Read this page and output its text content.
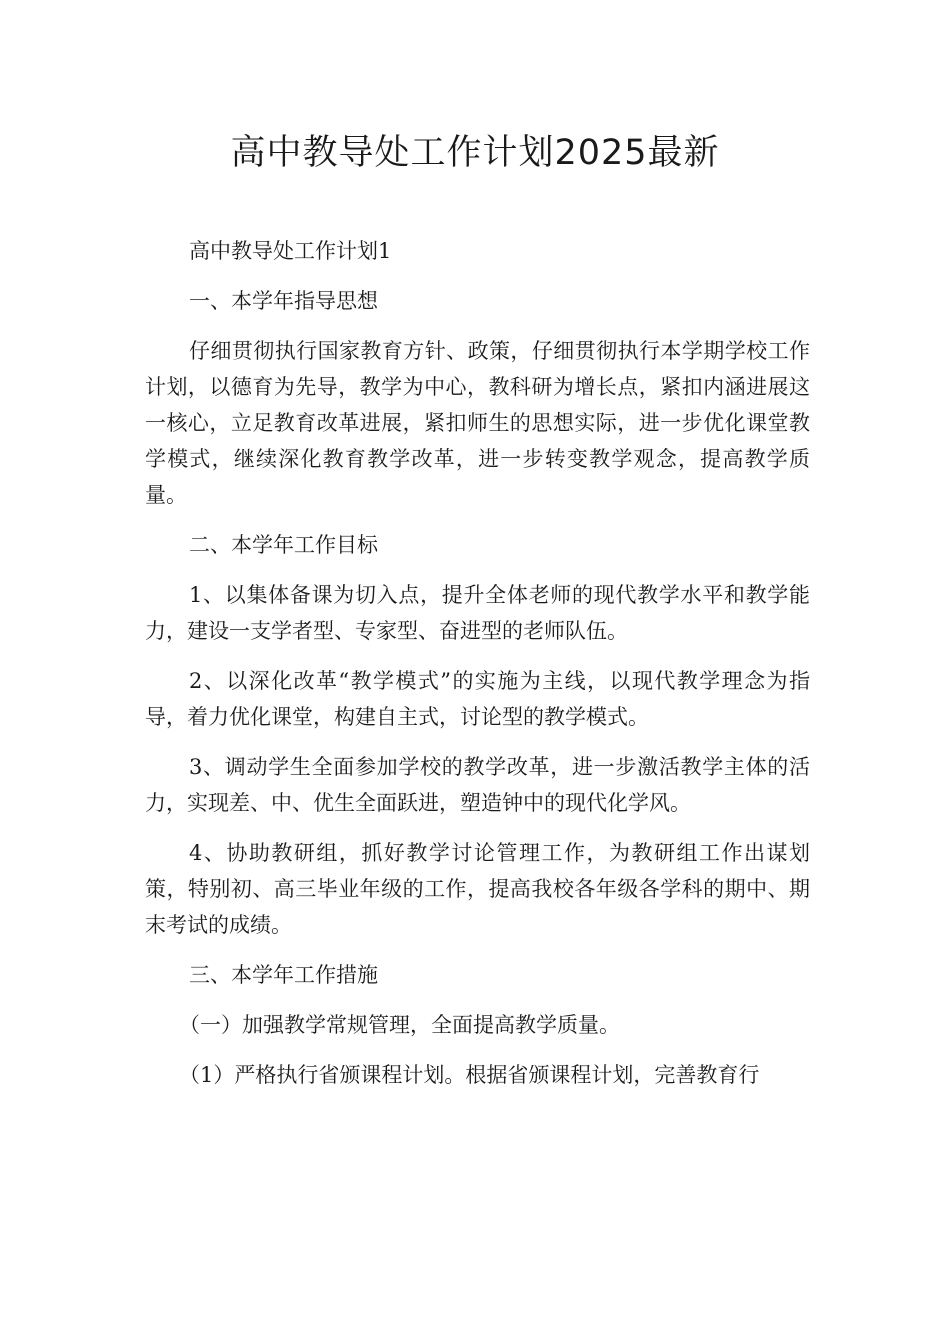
高中教导处工作计划2025最新

高中教导处工作计划1

一、本学年指导思想

仔细贯彻执行国家教育方针、政策，仔细贯彻执行本学期学校工作计划，以德育为先导，教学为中心，教科研为增长点，紧扣内涵进展这一核心，立足教育改革进展，紧扣师生的思想实际，进一步优化课堂教学模式，继续深化教育教学改革，进一步转变教学观念，提高教学质量。

二、本学年工作目标

1、以集体备课为切入点，提升全体老师的现代教学水平和教学能力，建设一支学者型、专家型、奋进型的老师队伍。

2、以深化改革“教学模式”的实施为主线，以现代教学理念为指导，着力优化课堂，构建自主式，讨论型的教学模式。

3、调动学生全面参加学校的教学改革，进一步激活教学主体的活力，实现差、中、优生全面跃进，塑造钟中的现代化学风。

4、协助教研组，抓好教学讨论管理工作，为教研组工作出谋划策，特别初、高三毕业年级的工作，提高我校各年级各学科的期中、期末考试的成绩。

三、本学年工作措施

（一）加强教学常规管理，全面提高教学质量。

（1）严格执行省颁课程计划。根据省颁课程计划，完善教育行
